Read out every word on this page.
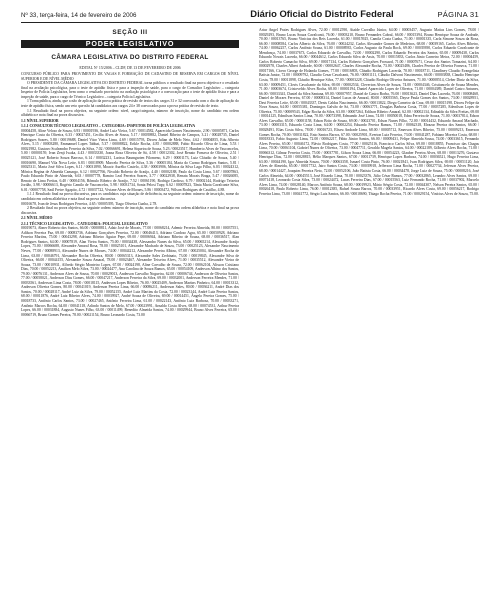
Nº 33, terça-feira, 14 de fevereiro de 2006	Diário Oficial do Distrito Federal	PÁGINA 31
SEÇÃO III
PODER LEGISLATIVO
CÂMARA LEGISLATIVA DO DISTRITO FEDERAL
EDITAL Nº 15/2006 – CLDF, DE 13 DE FEVEREIRO DE 2006

CONCURSO PÚBLICO PARA PROVIMENTO DE VAGAS E FORMAÇÃO DE CADASTRO DE RESERVA EM CARGOS DE NÍVEL SUPERIOR E DE NÍVEL MÉDIO

O PRESIDENTE DA CÂMARA LEGISLATIVA DO DISTRITO FEDERAL torna públicos o resultado final na prova objetiva e o resultado final na avaliação psicológica, para o teste de aptidão física e para a inspeção de saúde, para o cargo de Consultor Legislativo – categoria Inspetor de Polícia Legislativa, bem como o resultado provisório na avaliação psicológica e a convocação para o teste de aptidão física e para a inspeção de saúde, para o cargo de Técnico Legislativo – categoria Polícia Legislativa.

1 Torna pública, ainda, que a não de aplicação da prova prática de revisão de textos dos cargos 31 e 32 convocada com o dia de aplicação do teste de aptidão física, sendo um veto que não há candidatos aos cargos 24 e 38 convocados para a prova prática de revisão de texto.

1.1 Resultado final na prova objetiva, na seguinte ordem: nível, cargo/categoria, número de inscrição, nome do candidato em ordem alfabética e nota final na prova discursiva.

1.1 NÍVEL SUPERIOR

1.1.1 CONSULTOR TÉCNICO LEGISLATIVO – CATEGORIA: INSPETOR DE POLÍCIA LEGISLATIVA

00004458, Aline Veloso de Souza, 6.93 / 00001936, André Luiz Vieira, 5.67 / 00014582, Aparecida Gomes Nascimento, 2.90 / 00005871, Carlos Henrique Costa da Oliveira, 6.33 / 00027451, Cecília Alves de Sousa, 5.17 / 00039882, Daniel Ribeiro de Campos, 3.21 / 00028735, Daniel Rodrigues Soares, 5.80 / 00019688, Daniel Vitor Vieira Lima, 4.69 / 00015793, Dirceu Julian de Melo Neto, 4.62 / 00004855, Edu Alberto Alves, 5.15 / 00003280, Emmanuel Lopes Tabbai, 5.37 / 00008822, Erikle Rocha, 4.85 / 00002888, Fabio Ricardo Oliva de Lima, 5.53 / 00021982, Gustavo Scaleandro Ferreira da Silva, 7.02 / 00066691, Helena Siqueira de Sousa, 5.23 / 00023517, Humberto Alves de Vasconcelos, 5.00 / 00000159, Ivan Zenji Iwaka, 4.43 / 00033330, Joana Rosa Oliveira de Sá, 4.58 / 00012302, José Renato Fonseca de Oliveira, 2.51 / 00025121, José Roberto Souza Barroso, 6.14 / 00032231, Larissa Baumgarten Filomeno, 6.29 / 00001173, Luiz Cláudio de Souza, 5.40 / 00016690, Manuel Vila Nova Leite, 6.83 / 00018909, Marcelo Pereira de Silva, 5.36 / 00005184, Maria do Carmo Rodrigues Santos, 5.81 / 00025311, Maria José Silva Lopes, 6.11 / 00031890, Moacir Aurélio Castelo, 4.38 / 00003906, Mônica da Silva Lago Filho, 6.03 / 00024312, Mônica Regina de Almeida Camargo, 6.12 / 00027766, Nivaldo Roberto de Araújo, 4.40 / 00002188, Paulo da Costa Lima, 5.67 / 00007863, Paulo Eduardo Pinto de Almeida, 6.63 / 00007778, Ramiro Leal Ferreira Soares, 3.77 / 00022938, Renata Morais Braga, 5.47 / 00026085, Renato de Lima Freitas, 6.40 / 00004156, Rômulo Ribeiro de Araújo, 7.52 / 00061190, Rodrigo Cardoso, 6.79 / 00002144, Rodrigo Teixeira Jordão, 3.98 / 00006613, Rogério Camilo de Vasconcelos, 5.98 / 00031734, Sonia Pelosi Tupy, 6.62 / 00007823, Tânia Maria Cavalcante Silva, 6.01 / 00007758, Saúl Freire Agapito, 4.72 / 00037722, Viviane Alves de Moraes, 5.86 / 00003472, Wilson Rodrigues de Castilho, 4.88.

1.1.1 Resultado final na prova discursiva, para os candidatos cuja situação de deficiência, na seguinte ordem: número de inscrição, nome do candidato em ordem alfabética e nota final na prova discursiva.

00016678, Ivan de Jesus Rodrigues Ferreira, 4.65 / 00005395, Tiago Oliveira Cunha, 2.78.

2 Resultado final na prova objetiva, na seguinte ordem: número de inscrição, nome do candidato em ordem alfabética e nota final na prova discursiva.

2.1 NÍVEL MÉDIO

2.1.1 TÉCNICO LEGISLATIVO – CATEGORIA: POLICIAL LEGISLATIVO

00019073, Abner Roberto dos Santos, 66.00 / 00008811, Adair José de Morais, 77.00 / 00068214, Ademir Ferreira Almeida, 80.00 / 00037551, Adilson Ferreira Paz, 69.00 / 00083736, Adriano Gonçalves Ferreira, 72.00 / 00046413, Adriano Cardoso Agra, 65.00 / 00050928, Adriano Ferreira Martins, 75.00 / 00043298, Adriano Ribeiro Aguiar Pepe, 69.00 / 00006944, Adriano Ribeiro de Souza, 68.00 / 00036517, Alan Rodrigues Santos, 64.00 / 00007819, Alan Vieira Santos, 75.00 / 00034438, Alessandro Nunes da Silva, 65.00 / 00065214, Alexandre Araújo Lopes, 75.00 / 00066688, Alexandre Amaral Rosa, 78.00 / 00025101, Alexandre Machado de Souza, 73.00 / 00025123, Alexandre Nascimento Neves, 77.00 / 00088913, Alexandre Nunes de Moraes, 74.00 / 00044212, Alexandre Pereira Albino, 67.00 / 00025004, Alexandre Rocha de Lima, 63.00 / 00046791, Alexandre Rocha Oliveira, 80.00 / 00065313, Alexandre Sales Zerbinato, 73.00 / 00019845, Alexandre Silva de Oliveira, 66.00 / 00044155, Alexandre Souza Amaral, 78.00 / 00023467, Alexandre Teixeira Alves, 71.00 / 00035512, Alexandre Vieira de Souza, 73.00 / 00010931, Alfredo Sérgio Monteiro Lopes, 67.00 / 00024198, Aline Carvalho de Souza, 72.00 / 00062104, Alisson Cristiano Dias, 70.00 / 00052213, Amilton Melo Silva, 73.00 / 00024477, Ana Carolina de Souza Ramos, 65.00 / 00054109, Anderson Albino dos Santos, 79.00 / 00076131, Anderson Alves de Sousa, 70.00 / 00029013, Anderson Carvalho Nogueira, 62.00 / 00006744, Anderson de Oliveira Santos, 77.00 / 00058021, Anderson Dias Gomes, 66.00 / 00047217, Anderson Ferreira da Silva, 69.00 / 00032001, Anderson Ferreira Mendes, 71.00 / 00033561, Anderson Lima Costa, 78.00 / 00018115, Anderson Lopes Ribeiro, 76.00 / 00025409, Anderson Martins Pinheiro, 64.00 / 00013312, Anderson Oliveira Gomes, 80.00 / 00041019, Anderson Pereira Lima, 66.00 / 00086211, Anderson Sales, 80.00 / 00036211, André Dias dos Santos, 70.00 / 00028117, André Luiz da Silva, 79.00 / 00052155, André Luiz Martins da Costa, 72.00 / 00023144, André Luiz Pereira Santos, 68.00 / 00011876, André Luiz Ribeiro Alves, 74.00 / 00039927, André Souza de Oliveira, 69.00 / 00014451, Ângelo Pereira Gomes, 75.00 / 00018733, Antônio Carlos Santos, 73.00 / 00027465, Antônio Ferreira Lima, 61.00 / 00022143, Antônio Luiz Barbosa, 70.00 / 00033271, Antônio Marcos Rocha, 64.00 / 00041118, Arlindo Santos de Melo, 67.00 / 00023991, Arnaldo Costa Alves, 68.00 / 00074531, Arthur Pereira Lopes, 66.00 / 00031884, Augusto Nunes Filho, 63.00 / 00011499, Benedito Almeida Santos, 74.00 / 00029944, Bruno Alves Ferreira, 65.00 / 00066719, Bruno Gomes Pereira, 78.00 / 00021154, Bruno Leonardo Costa, 73.00

Artur Angel Prates Rodrigues Alves, 72.00 / 00012590, Ataíde Carvalho Júnior, 64.00 / 00003457, Augusto Matias Lins Gomes, 78.00 / 00029293, Bruno Lucas Souza Cavalcanti, 76.00 / 00003210, Bruno Fernandes Cabral, 66.00 / 00015394, Bruno Henrique Souza de Andrade, 70.00 / 00013765, Bruno Vinicius dos Reis Lacerda, 61.00 / 00015925, Camila Costa Cunha, 71.00 / 00001335, Carla Simone Souza da Rosa, 66.00 / 00008584, Carlos Alberto da Silva, 76.00 / 00024232, Carlos Alexandre Gomes de Medeiros, 68.00 / 00039165, Carlos Alves Ribeiro, 74.00 / 00062257, Carlos Antônio Souza, 61.00 / 00008935, Carlos Augusto da Paula Rock, 69.00 / 00039390, Carlos Eduardo Cavalcante de Mendonça, 74.00 / 00037673, Carlos Eduardo de Carvalho, 72.00 / 00002290, Carlos Eduardo Ferreira dos Santos, 65.00 / 00009438, Carlos Eduardo Novais Lacerda, 66.00 / 00044612, Carlos Eduardo Silva de Assis, 70.00 / 00015833, Carlos Júnio Carneiro Meira, 72.00 / 00004459, Carlos Roberto Camacho Silva, 69.00 / 00017134, Carlos Roberto Gonçalves Frossard, 71.00 / 00007671, Cesar dos Santos Tomazini, 64.00 / 00002978, Charles Albert Andrade, 60.00 / 00002647, Charles Alexandre Rocha, 73.00 / 00025486, Charles Pereira de Oliveira Fonseca, 71.00 / 00017166, Cícero George de Holanda Gomes, 77.00 / 00016803, Cláudio Rodrigues Lacerda, 70.00 / 00018711, Claudiney Claudio Evangelista Batista Junior, 72.00 / 00009792, Claudio Cesar Cavalcanti, 76.00 / 00001111, Cláudio Dalvoni Nascimento, 66.00 / 00003838, Claudio Henrique Costa, 78.00 / 00011898, Cláudio Henrique Silva, 77.00 / 00003228, Cláudio Rodrigo Oliveira Antunes, 71.00 / 00008514, Cleber Diniz da Silva, 63.00 / 00009451, Clovis Cavalcante da Silva, 69.00 / 00002534, Cleverton Alves de Souza, 74.00 / 00004346, Cristiancelo de Souza Mendes, 71.00 / 00003674, Cristoveldo Alves Rocha, 68.00 / 00001194, Daniel Aparecido Lopes de Oliveira, 71.00 / 00004389, Daniel Castro Antunes, 66.00 / 00033341, Daniel da Silva Santana, 69.00 / 00007957, Daniel de Castro Borba, 76.00 / 00013623, Daniel Dias Lacerda, 76.00 / 00008468, Daniel de Moraes Ferreira, 67.00 / 00008314, Daniel Lucas de Amaral, 80.00 / 00055565, Dayse Paula Gomes dos Santos, 73.00 / 00028951, Davi Ferreira Leite, 65.00 / 00043337, Denis Caldas Nascimento, 66.00 / 00013822, Diego Carneiro da Cruz, 69.00 / 00015198, Dirceu Felipe da Nova Souza, 64.00 / 00055381, Domingos Galvão de Sá, 73.00 / 00063771, Douglas Barbosa Costa, 77.00 / 00037285, Edenilson Lopes de Oliveira, 75.00 / 00009543, Edgar Rocha da Silva, 63.00 / 00007264, Edilson Ribeiro Amaral, 62.00 / 00002134, Edinaldo da Silva Freitas, 69.00 / 00014125, Edmilson Santos Lima, 70.00 / 00073398, Edmundo José Lima, 74.00 / 00050018, Edna Ferreira de Souza, 71.00 / 00037814, Edson Alves Carvalho, 65.00 / 00001158, Edson Brito de Souza, 69.00 / 00023701, Edson Nunes Filho, 72.00 / 00014432, Eduardo Amaral Machado, 73.00 / 00003315, Eduardo Costa Lima, 64.00 / 00002254, Eduardo Pereira Ramos, 71.00 / 00062318, Eleazar Pereira dos Santos, 66.00 / 00028491, Elias Costa Silva, 78.00 / 00016723, Eliseu Andrade Lima, 68.00 / 00005712, Emerson Alves Ribeiro, 75.00 / 00009213, Emerson Gomes Rocha, 70.00 / 00031822, Enio Santos Barros, 67.00 / 00025901, Everton Luiz Ferreira, 73.00 / 00041287, Fabiano Moreira Costa, 68.00 / 00018333, Fabio Augusto Lima, 72.00 / 00062217, Fábio Júnior Santos, 66.00 / 00009431, Felipe Almeida Sousa, 74.00 / 00033615, Fernando Alves Pereira, 65.00 / 00046172, Flávio Rodrigues Costa, 77.00 / 00025116, Francisco Carlos Silva, 69.00 / 00018855, Francisco das Chagas Lima, 70.00 / 00061104, Gabriel Nunes de Oliveira, 73.00 / 00047711, Geraldo Magela Santos, 64.00 / 00022189, Gilberto Alves Rocha, 71.00 / 00066312, Gilmar Ferreira Costa, 75.00 / 00037781, Gilson Souza Lima, 66.00 / 00054223, Glauber Pereira Alves, 68.00 / 00013276, Gustavo Henrique Dias, 72.00 / 00028815, Hélio Marques Santos, 67.00 / 00011739, Henrique Lopes Barbosa, 74.00 / 00036521, Hugo Ferreira Lima, 63.00 / 00044190, Igor Almeida Souza, 70.00 / 00063358, Ismael Costa Pinto, 76.00 / 00021841, Ivan Rodrigues Silva, 69.00 / 00051120, Jair Alves de Almeida, 65.00 / 00017732, Jairo Santos Costa, 73.00 / 00039918, Jefferson Lima Rocha, 71.00 / 00027734, Jeferson Alves Pereira, 68.00 / 00014427, Joaquim Ferreira Neto, 72.00 / 00052106, João Batista Costa, 66.00 / 00034478, Jorge Luiz de Souza, 75.00 / 00008216, José Carlos Almeida, 64.00 / 00045513, José Ricardo Lima, 70.00 / 00023376, Júlio César Ramos, 77.00 / 00032865, Leandro Alves Santos, 69.00 / 00071418, Leonardo Costa Silva, 73.00 / 00024472, Lucas Ferreira Dias, 67.00 / 00015563, Luiz Fernando Rocha, 71.00 / 00037902, Marcelo Alves Lima, 74.00 / 00028140, Marcos Antônio Souza, 68.00 / 00019923, Mário Sérgio Costa, 72.00 / 00044307, Nelson Pereira Santos, 65.00 / 00026418, Paulo Roberto Lima, 76.00 / 00012385, Rafael Souza Barros, 70.00 / 00033951, Ricardo Alves Costa, 69.00 / 00056217, Rodrigo Ferreira Lima, 73.00 / 00041772, Sérgio Luiz Santos, 66.00 / 00018690, Thiago Rocha Pereira, 71.00 / 00029154, Vinícius Alves de Souza, 75.00.
